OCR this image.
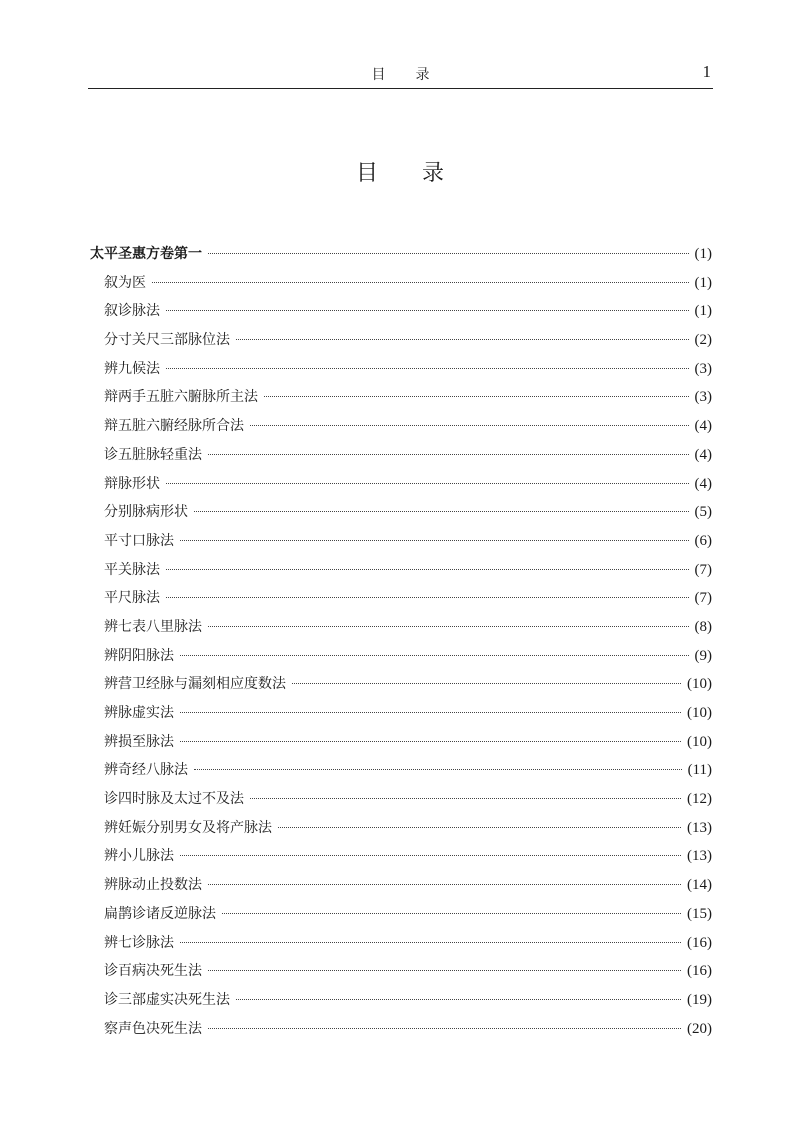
目录	1
目录
太平圣惠方卷第一	(1)
叙为医	(1)
叙诊脉法	(1)
分寸关尺三部脉位法	(2)
辨九候法	(3)
辩两手五脏六腑脉所主法	(3)
辩五脏六腑经脉所合法	(4)
诊五脏脉轻重法	(4)
辩脉形状	(4)
分别脉病形状	(5)
平寸口脉法	(6)
平关脉法	(7)
平尺脉法	(7)
辨七表八里脉法	(8)
辨阴阳脉法	(9)
辨营卫经脉与漏刻相应度数法	(10)
辨脉虚实法	(10)
辨损至脉法	(10)
辨奇经八脉法	(11)
诊四时脉及太过不及法	(12)
辨妊娠分别男女及将产脉法	(13)
辨小儿脉法	(13)
辨脉动止投数法	(14)
扁鹊诊诸反逆脉法	(15)
辨七诊脉法	(16)
诊百病决死生法	(16)
诊三部虚实决死生法	(19)
察声色决死生法	(20)
